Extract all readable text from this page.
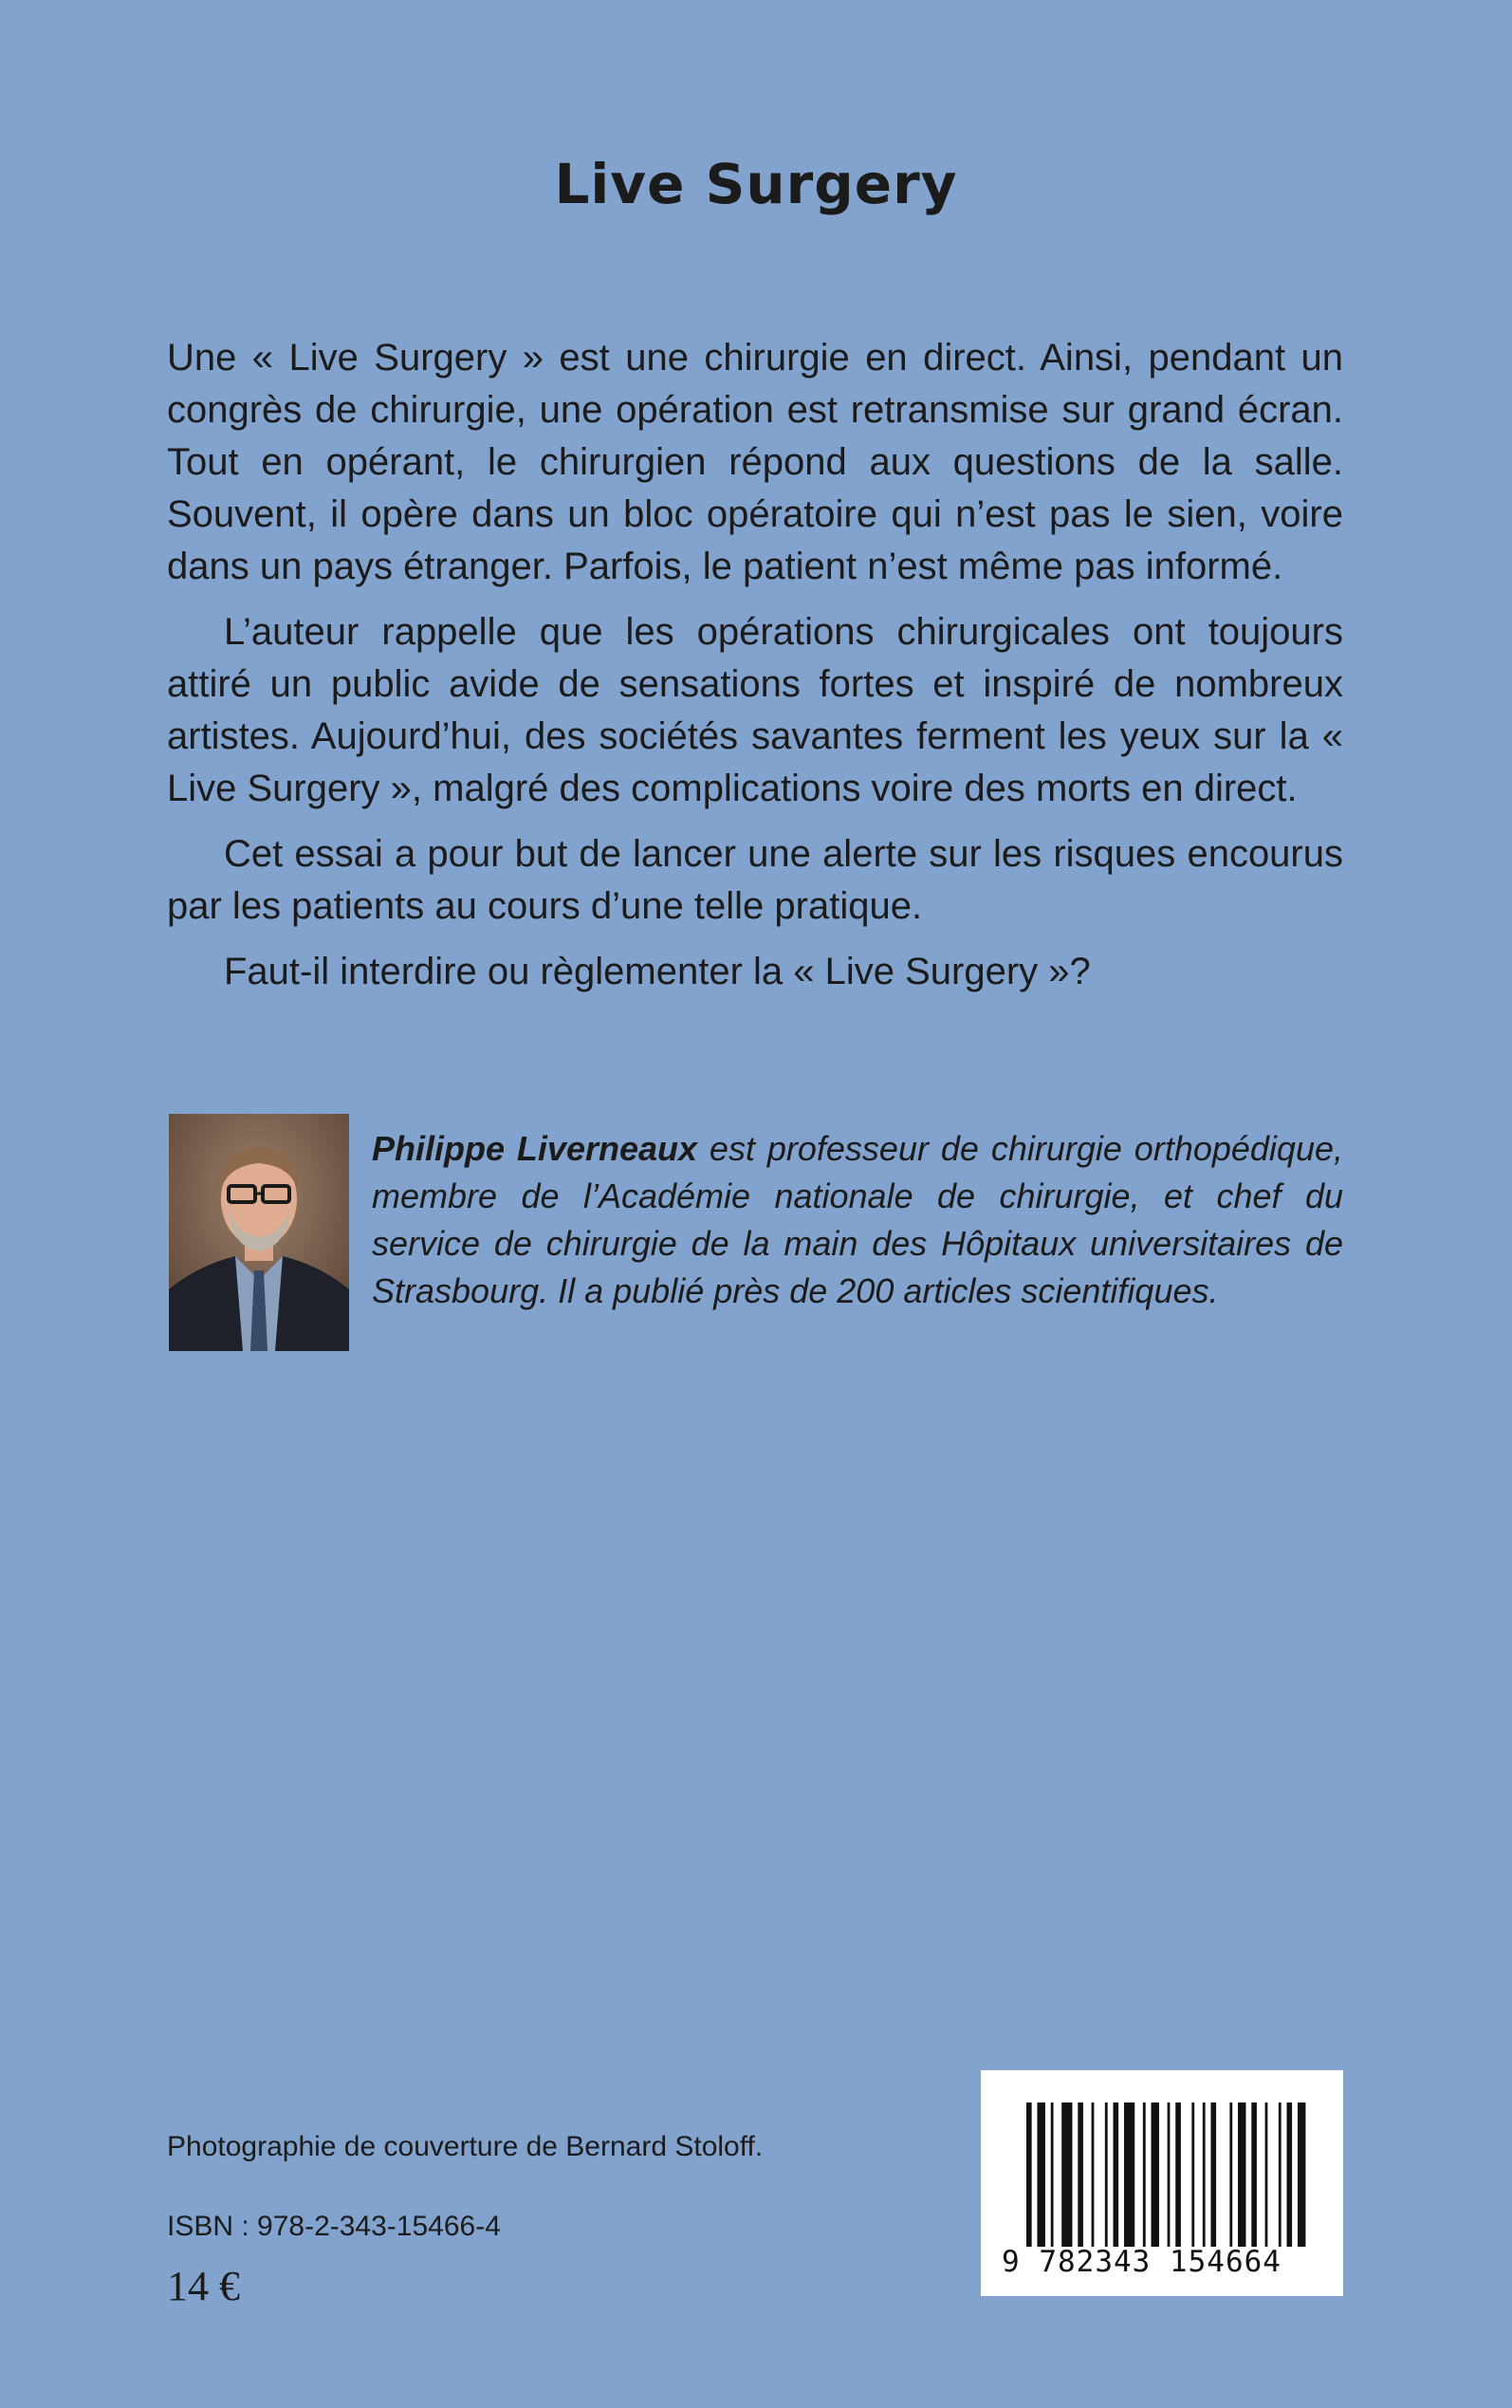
Live Surgery

Une « Live Surgery » est une chirurgie en direct. Ainsi, pendant un congrès de chirurgie, une opération est retransmise sur grand écran. Tout en opérant, le chirurgien répond aux questions de la salle. Souvent, il opère dans un bloc opératoire qui n’est pas le sien, voire dans un pays étranger. Parfois, le patient n’est même pas informé.

L’auteur rappelle que les opérations chirurgicales ont toujours attiré un public avide de sensations fortes et inspiré de nombreux artistes. Aujourd’hui, des sociétés savantes ferment les yeux sur la « Live Surgery », malgré des complications voire des morts en direct.

Cet essai a pour but de lancer une alerte sur les risques encourus par les patients au cours d’une telle pratique.

Faut-il interdire ou règlementer la « Live Surgery »?

Philippe Liverneaux est professeur de chirurgie orthopédique, membre de l’Académie nationale de chirurgie, et chef du service de chirurgie de la main des Hôpitaux universitaires de Strasbourg. Il a publié près de 200 articles scientifiques.

Photographie de couverture de Bernard Stoloff.

ISBN : 978-2-343-15466-4

14 €

9 782343 154664
